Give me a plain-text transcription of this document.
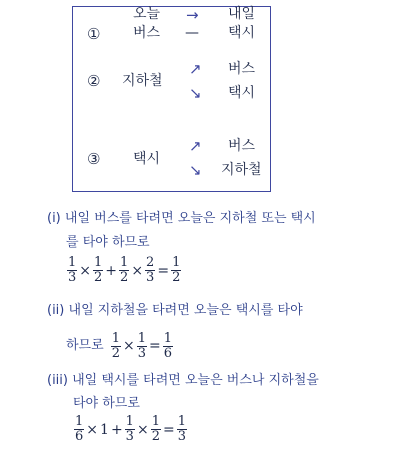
오늘 → 내일
① 버스 — 택시
② 지하철
↗
↘
버스
택시
③ 택시
↗
↘
버스
지하철
(i) 내일 버스를 타려면 오늘은 지하철 또는 택시
를 타야 하므로
$\frac{1}{3} \times \frac{1}{2} + \frac{1}{2} \times \frac{2}{3} = \frac{1}{2}$
(ii) 내일 지하철을 타려면 오늘은 택시를 타야
하므로 $\frac{1}{2} \times \frac{1}{3} = \frac{1}{6}$
(iii) 내일 택시를 타려면 오늘은 버스나 지하철을
타야 하므로
$\frac{1}{6} \times 1 + \frac{1}{3} \times \frac{1}{2} = \frac{1}{3}$
